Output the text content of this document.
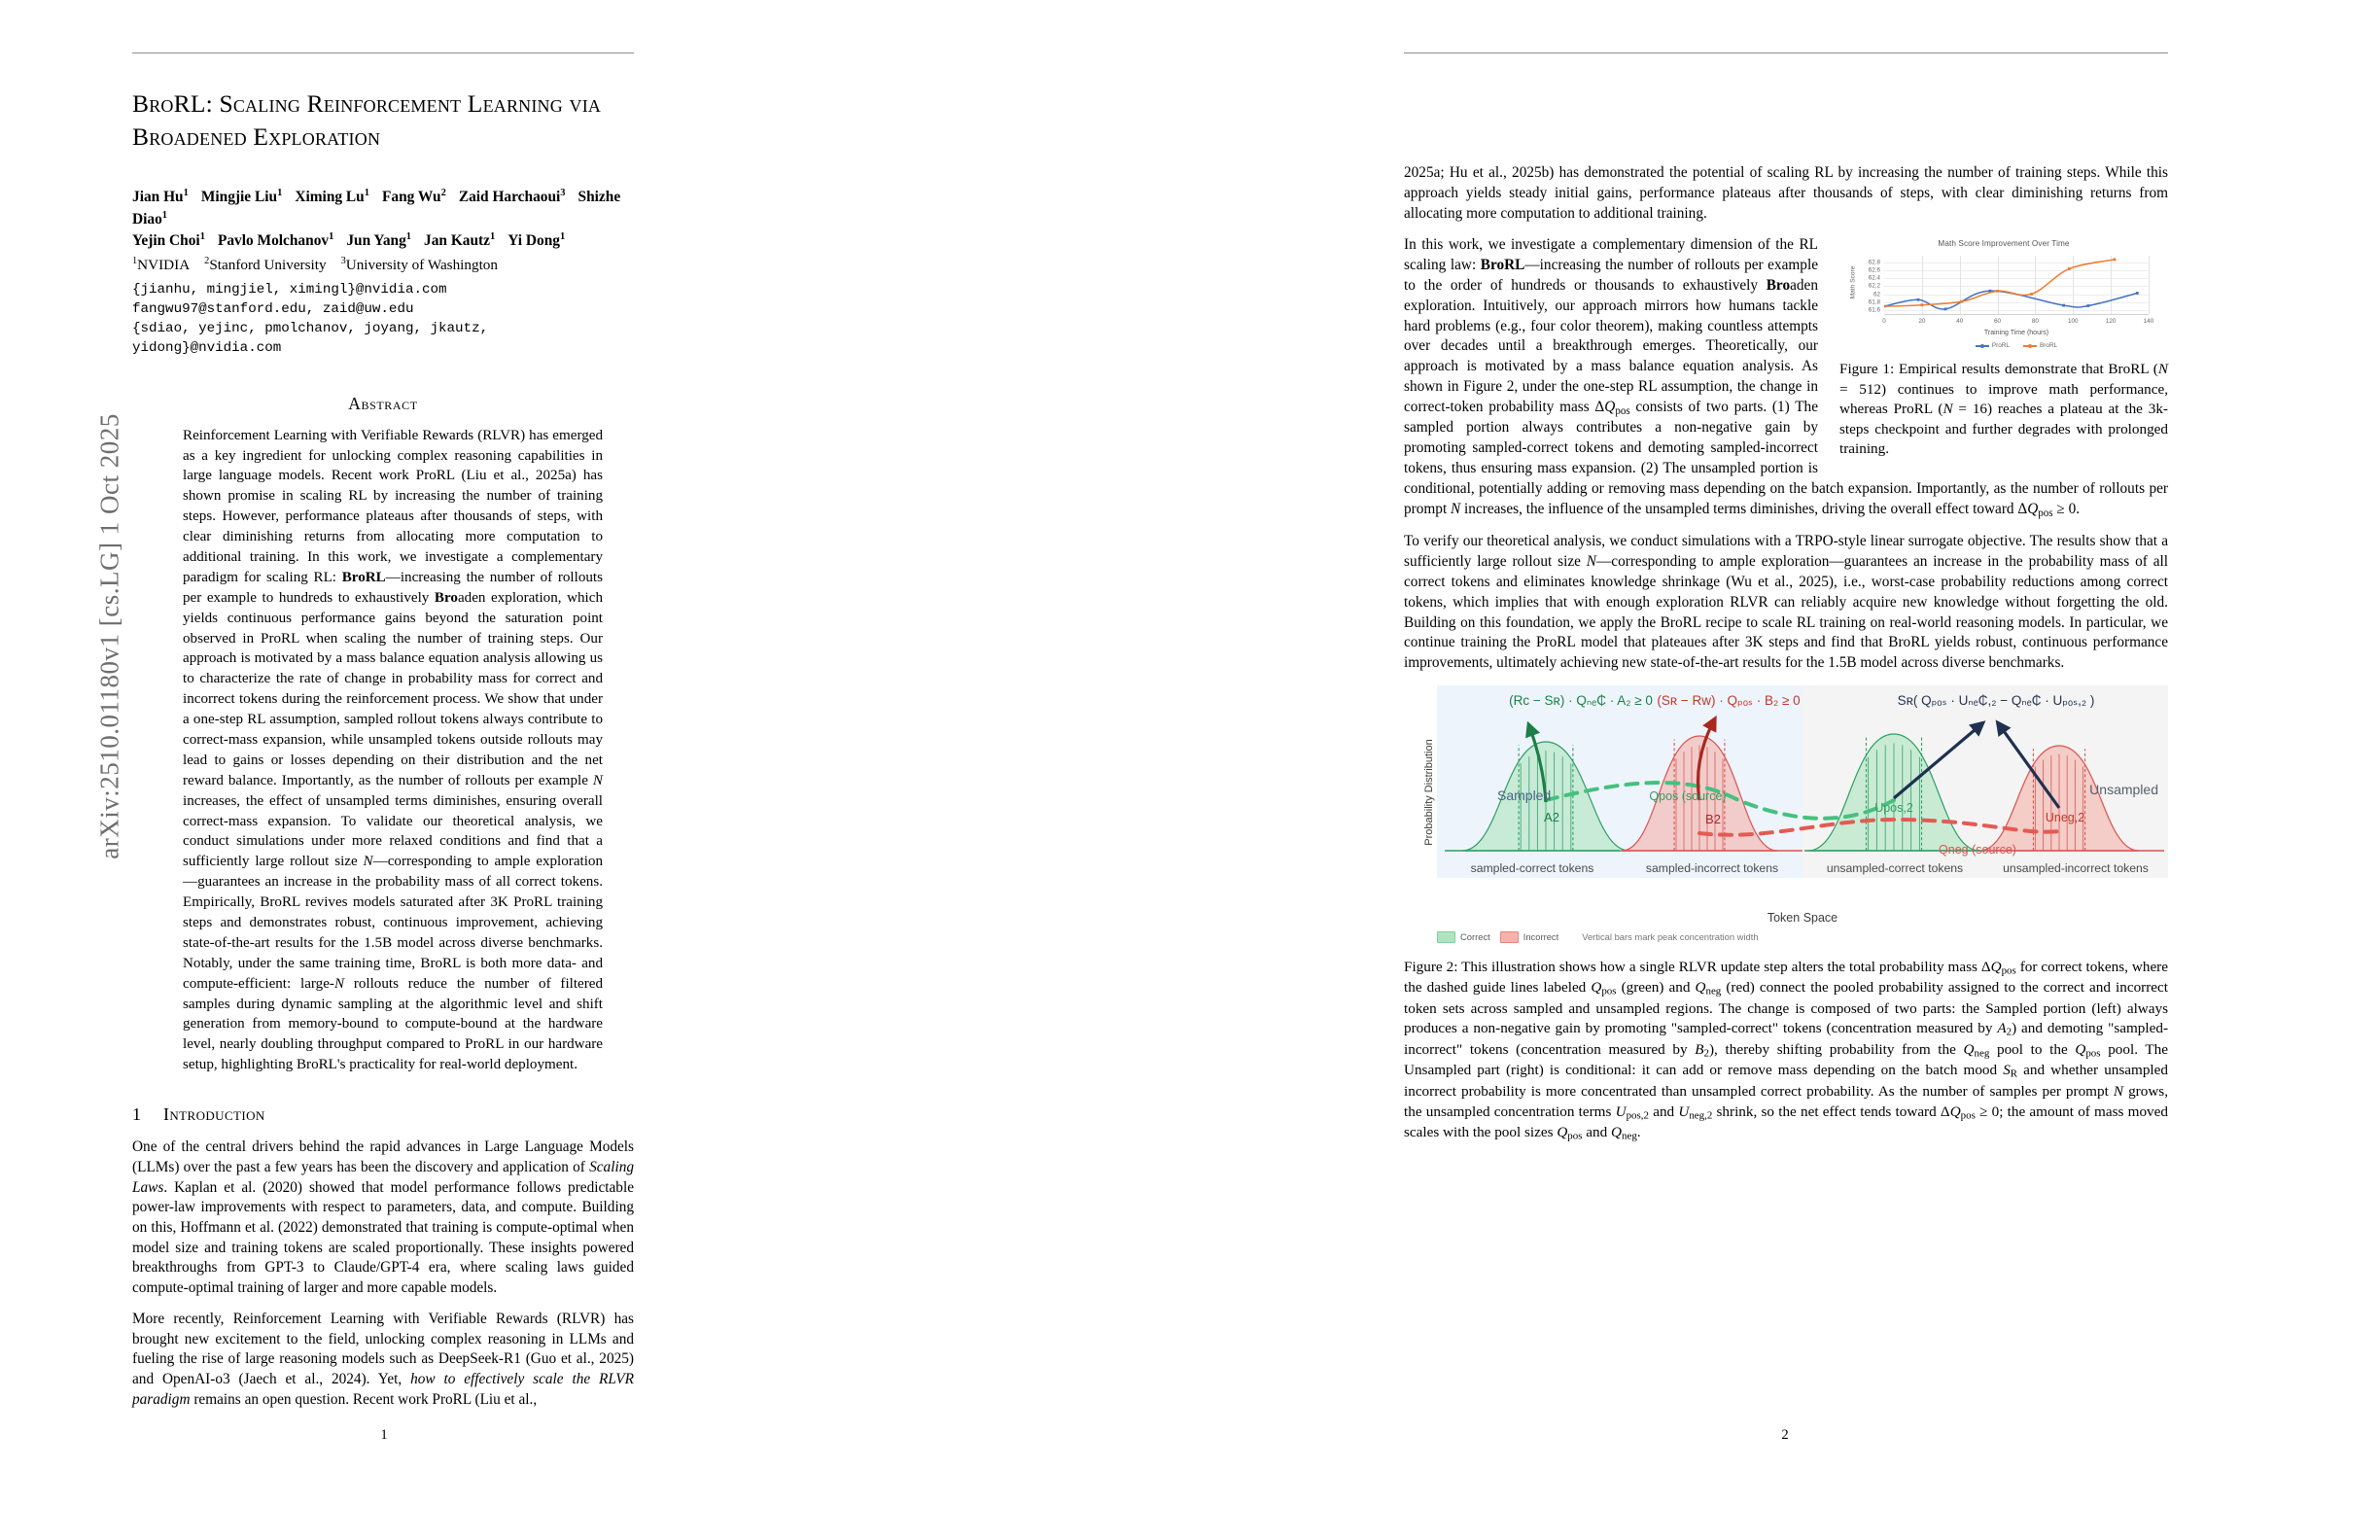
arXiv:2510.01180v1 [cs.LG] 1 Oct 2025
BroRL: Scaling Reinforcement Learning via
Broadened Exploration
Jian Hu$^1$ Mingjie Liu$^1$ Ximing Lu$^1$ Fang Wu$^2$ Zaid Harchaoui$^3$ Shizhe Diao$^1$
Yejin Choi$^1$ Pavlo Molchanov$^1$ Jun Yang$^1$ Jan Kautz$^1$ Yi Dong$^1$
$^1$NVIDIA $^2$Stanford University $^3$University of Washington
{jianhu, mingjiel, ximingl}@nvidia.com
fangwu97@stanford.edu, zaid@uw.edu
{sdiao, yejinc, pmolchanov, joyang, jkautz, yidong}@nvidia.com
Abstract

Reinforcement Learning with Verifiable Rewards (RLVR) has emerged as a key ingredient for unlocking complex reasoning capabilities in large language models. Recent work ProRL (Liu et al., 2025a) has shown promise in scaling RL by increasing the number of training steps. However, performance plateaus after thousands of steps, with clear diminishing returns from allocating more computation to additional training. In this work, we investigate a complementary paradigm for scaling RL: BroRL—increasing the number of rollouts per example to hundreds to exhaustively Broaden exploration, which yields continuous performance gains beyond the saturation point observed in ProRL when scaling the number of training steps. Our approach is motivated by a mass balance equation analysis allowing us to characterize the rate of change in probability mass for correct and incorrect tokens during the reinforcement process. We show that under a one-step RL assumption, sampled rollout tokens always contribute to correct-mass expansion, while unsampled tokens outside rollouts may lead to gains or losses depending on their distribution and the net reward balance. Importantly, as the number of rollouts per example N increases, the effect of unsampled terms diminishes, ensuring overall correct-mass expansion. To validate our theoretical analysis, we conduct simulations under more relaxed conditions and find that a sufficiently large rollout size N—corresponding to ample exploration—guarantees an increase in the probability mass of all correct tokens. Empirically, BroRL revives models saturated after 3K ProRL training steps and demonstrates robust, continuous improvement, achieving state-of-the-art results for the 1.5B model across diverse benchmarks. Notably, under the same training time, BroRL is both more data- and compute-efficient: large-N rollouts reduce the number of filtered samples during dynamic sampling at the algorithmic level and shift generation from memory-bound to compute-bound at the hardware level, nearly doubling throughput compared to ProRL in our hardware setup, highlighting BroRL's practicality for real-world deployment.

1 Introduction

One of the central drivers behind the rapid advances in Large Language Models (LLMs) over the past a few years has been the discovery and application of Scaling Laws. Kaplan et al. (2020) showed that model performance follows predictable power-law improvements with respect to parameters, data, and compute. Building on this, Hoffmann et al. (2022) demonstrated that training is compute-optimal when model size and training tokens are scaled proportionally. These insights powered breakthroughs from GPT-3 to Claude/GPT-4 era, where scaling laws guided compute-optimal training of larger and more capable models.

More recently, Reinforcement Learning with Verifiable Rewards (RLVR) has brought new excitement to the field, unlocking complex reasoning in LLMs and fueling the rise of large reasoning models such as DeepSeek-R1 (Guo et al., 2025) and OpenAI-o3 (Jaech et al., 2024). Yet, how to effectively scale the RLVR paradigm remains an open question. Recent work ProRL (Liu et al.,

2025a; Hu et al., 2025b) has demonstrated the potential of scaling RL by increasing the number of training steps. While this approach yields steady initial gains, performance plateaus after thousands of steps, with clear diminishing returns from allocating more computation to additional training.

Math Score Improvement Over Time
Math Score
61.6
61.8
62
62.2
62.4
62.6
62.8
0	20	40	60	80	100	120	140
Training Time (hours)
ProRL	BroRL

Figure 1: Empirical results demonstrate that BroRL (N = 512) continues to improve math performance, whereas ProRL (N = 16) reaches a plateau at the 3k-steps checkpoint and further degrades with prolonged training.

In this work, we investigate a complementary dimension of the RL scaling law: BroRL—increasing the number of rollouts per example to the order of hundreds or thousands to exhaustively Broaden exploration. Intuitively, our approach mirrors how humans tackle hard problems (e.g., four color theorem), making countless attempts over decades until a breakthrough emerges. Theoretically, our approach is motivated by a mass balance equation analysis. As shown in Figure 2, under the one-step RL assumption, the change in correct-token probability mass ΔQpos consists of two parts. (1) The sampled portion always contributes a non-negative gain by promoting sampled-correct tokens and demoting sampled-incorrect tokens, thus ensuring mass expansion. (2) The unsampled portion is conditional, potentially adding or removing mass depending on the batch expansion. Importantly, as the number of rollouts per prompt N increases, the influence of the unsampled terms diminishes, driving the overall effect toward ΔQpos ≥ 0.

To verify our theoretical analysis, we conduct simulations with a TRPO-style linear surrogate objective. The results show that a sufficiently large rollout size N—corresponding to ample exploration—guarantees an increase in the probability mass of all correct tokens and eliminates knowledge shrinkage (Wu et al., 2025), i.e., worst-case probability reductions among correct tokens, which implies that with enough exploration RLVR can reliably acquire new knowledge without forgetting the old. Building on this foundation, we apply the BroRL recipe to scale RL training on real-world reasoning models. In particular, we continue training the ProRL model that plateaues after 3K steps and find that BroRL yields robust, continuous performance improvements, ultimately achieving new state-of-the-art results for the 1.5B model across diverse benchmarks.

Probability Distribution
(Rс − Sʀ) · Qₙₑ₵ · A₂ ≥ 0 (Sʀ − Rᴡ) · Qₚₒₛ · B₂ ≥ 0	Sʀ( Qₚₒₛ · Uₙₑ₵,₂ − Qₙₑ₵ · Uₚₒₛ,₂ )
Sampled	Unsampled
Qpos (source)
Qneg (source)
A2	B2
Upos,2
Uneg,2
sampled-correct tokens	sampled-incorrect tokens	unsampled-correct tokens	unsampled-incorrect tokens
Token Space
Correct	Incorrect	Vertical bars mark peak concentration width

Figure 2: This illustration shows how a single RLVR update step alters the total probability mass ΔQpos for correct tokens, where the dashed guide lines labeled Qpos (green) and Qneg (red) connect the pooled probability assigned to the correct and incorrect token sets across sampled and unsampled regions. The change is composed of two parts: the Sampled portion (left) always produces a non-negative gain by promoting "sampled-correct" tokens (concentration measured by A2) and demoting "sampled-incorrect" tokens (concentration measured by B2), thereby shifting probability from the Qneg pool to the Qpos pool. The Unsampled part (right) is conditional: it can add or remove mass depending on the batch mood SR and whether unsampled incorrect probability is more concentrated than unsampled correct probability. As the number of samples per prompt N grows, the unsampled concentration terms Upos,2 and Uneg,2 shrink, so the net effect tends toward ΔQpos ≥ 0; the amount of mass moved scales with the pool sizes Qpos and Qneg.

1	2
